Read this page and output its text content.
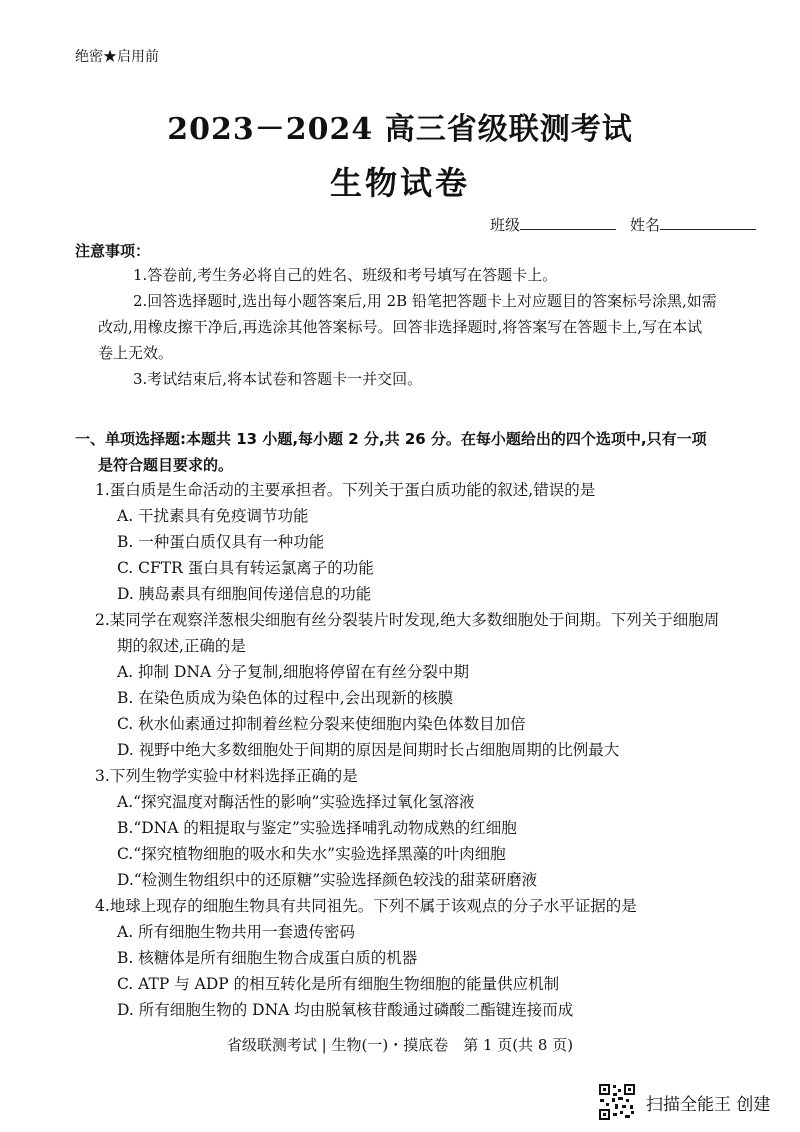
绝密★启用前
2023－2024 高三省级联测考试
生物试卷
班级	姓名
注意事项：
1.答卷前,考生务必将自己的姓名、班级和考号填写在答题卡上。
2.回答选择题时,选出每小题答案后,用 2B 铅笔把答题卡上对应题目的答案标号涂黑,如需
改动,用橡皮擦干净后,再选涂其他答案标号。回答非选择题时,将答案写在答题卡上,写在本试
卷上无效。
3.考试结束后,将本试卷和答题卡一并交回。
一、单项选择题:本题共 13 小题,每小题 2 分,共 26 分。在每小题给出的四个选项中,只有一项
是符合题目要求的。
1.蛋白质是生命活动的主要承担者。下列关于蛋白质功能的叙述,错误的是
A. 干扰素具有免疫调节功能
B. 一种蛋白质仅具有一种功能
C. CFTR 蛋白具有转运氯离子的功能
D. 胰岛素具有细胞间传递信息的功能
2.某同学在观察洋葱根尖细胞有丝分裂装片时发现,绝大多数细胞处于间期。下列关于细胞周
期的叙述,正确的是
A. 抑制 DNA 分子复制,细胞将停留在有丝分裂中期
B. 在染色质成为染色体的过程中,会出现新的核膜
C. 秋水仙素通过抑制着丝粒分裂来使细胞内染色体数目加倍
D. 视野中绝大多数细胞处于间期的原因是间期时长占细胞周期的比例最大
3.下列生物学实验中材料选择正确的是
A.“探究温度对酶活性的影响”实验选择过氧化氢溶液
B.“DNA 的粗提取与鉴定”实验选择哺乳动物成熟的红细胞
C.“探究植物细胞的吸水和失水”实验选择黑藻的叶肉细胞
D.“检测生物组织中的还原糖”实验选择颜色较浅的甜菜研磨液
4.地球上现存的细胞生物具有共同祖先。下列不属于该观点的分子水平证据的是
A. 所有细胞生物共用一套遗传密码
B. 核糖体是所有细胞生物合成蛋白质的机器
C. ATP 与 ADP 的相互转化是所有细胞生物细胞的能量供应机制
D. 所有细胞生物的 DNA 均由脱氧核苷酸通过磷酸二酯键连接而成
省级联测考试 | 生物(一)・摸底卷　第 1 页(共 8 页)
扫描全能王 创建
